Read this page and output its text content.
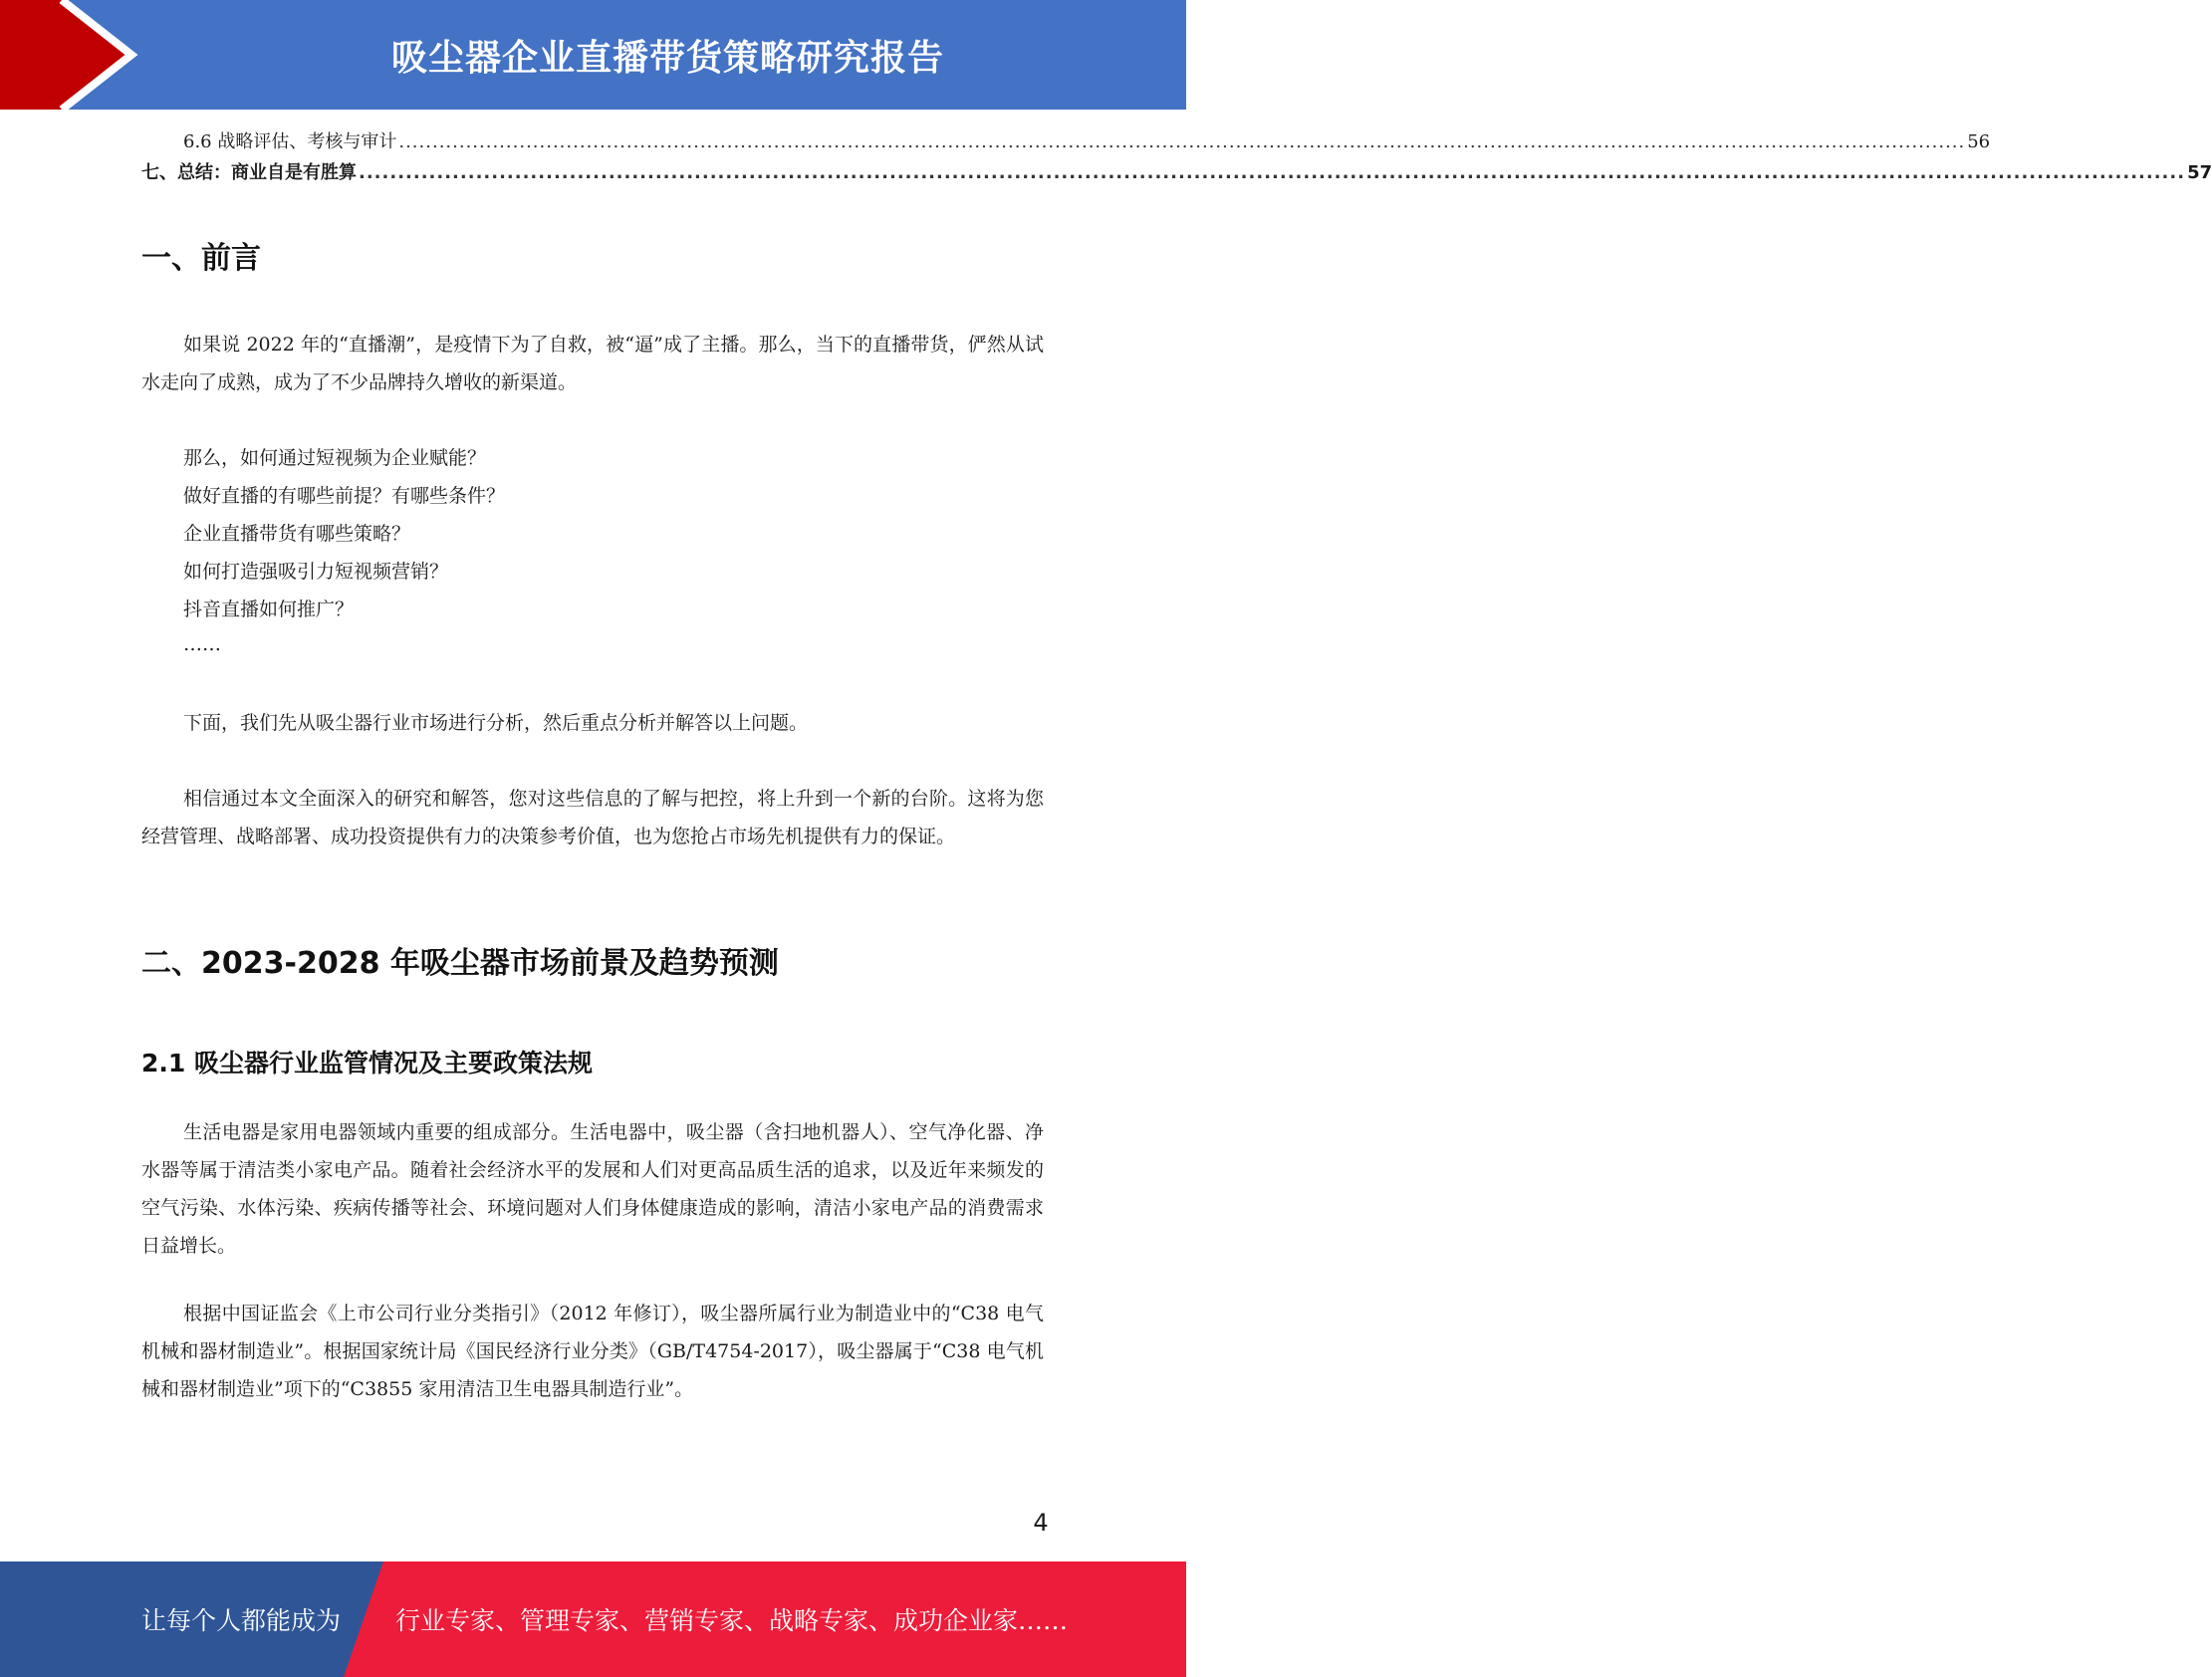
吸尘器企业直播带货策略研究报告
6.6 战略评估、考核与审计 .......................................................................................................................................................................................................................................... 56
七、总结：商业自是有胜算 .......................................................................................................................................................................................................................................... 57
一、前言

如果说 2022 年的“直播潮”，是疫情下为了自救，被“逼”成了主播。那么，当下的直播带货，俨然从试水走向了成熟，成为了不少品牌持久增收的新渠道。

那么，如何通过短视频为企业赋能？
做好直播的有哪些前提？有哪些条件？
企业直播带货有哪些策略？
如何打造强吸引力短视频营销？
抖音直播如何推广？
……

下面，我们先从吸尘器行业市场进行分析，然后重点分析并解答以上问题。

相信通过本文全面深入的研究和解答，您对这些信息的了解与把控，将上升到一个新的台阶。这将为您经营管理、战略部署、成功投资提供有力的决策参考价值，也为您抢占市场先机提供有力的保证。

二、2023-2028 年吸尘器市场前景及趋势预测
2.1 吸尘器行业监管情况及主要政策法规

生活电器是家用电器领域内重要的组成部分。生活电器中，吸尘器（含扫地机器人）、空气净化器、净水器等属于清洁类小家电产品。随着社会经济水平的发展和人们对更高品质生活的追求，以及近年来频发的空气污染、水体污染、疾病传播等社会、环境问题对人们身体健康造成的影响，清洁小家电产品的消费需求日益增长。

根据中国证监会《上市公司行业分类指引》（2012 年修订），吸尘器所属行业为制造业中的“C38 电气机械和器材制造业”。根据国家统计局《国民经济行业分类》（GB/T4754-2017），吸尘器属于“C38 电气机械和器材制造业”项下的“C3855 家用清洁卫生电器具制造行业”。

4
让每个人都能成为 行业专家、管理专家、营销专家、战略专家、成功企业家……
